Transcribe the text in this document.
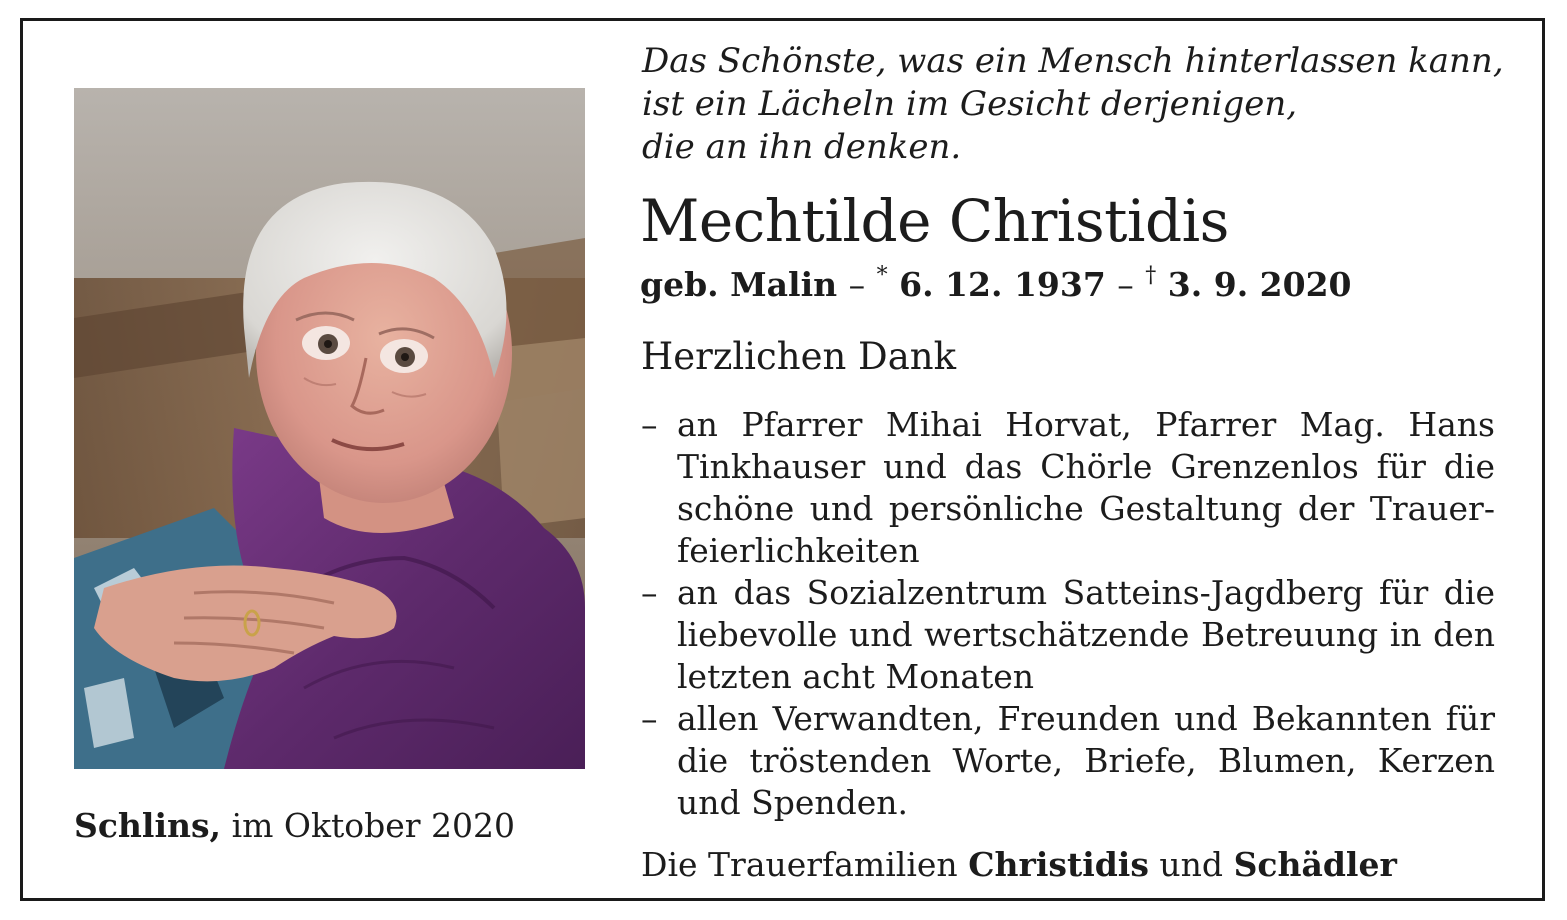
Schlins, im Oktober 2020
Das Schönste, was ein Mensch hinterlassen kann,
ist ein Lächeln im Gesicht derjenigen,
die an ihn denken.
Mechtilde Christidis
geb. Malin – * 6. 12. 1937 – † 3. 9. 2020
Herzlichen Dank
– an Pfarrer Mihai Horvat, Pfarrer Mag. Hans Tinkhauser und das Chörle Grenzenlos für die schöne und persönliche Gestaltung der Trauerfeierlichkeiten
– an das Sozialzentrum Satteins-Jagdberg für die liebevolle und wertschätzende Betreuung in den letzten acht Monaten
– allen Verwandten, Freunden und Bekannten für die tröstenden Worte, Briefe, Blumen, Kerzen und Spenden.
Die Trauerfamilien Christidis und Schädler
